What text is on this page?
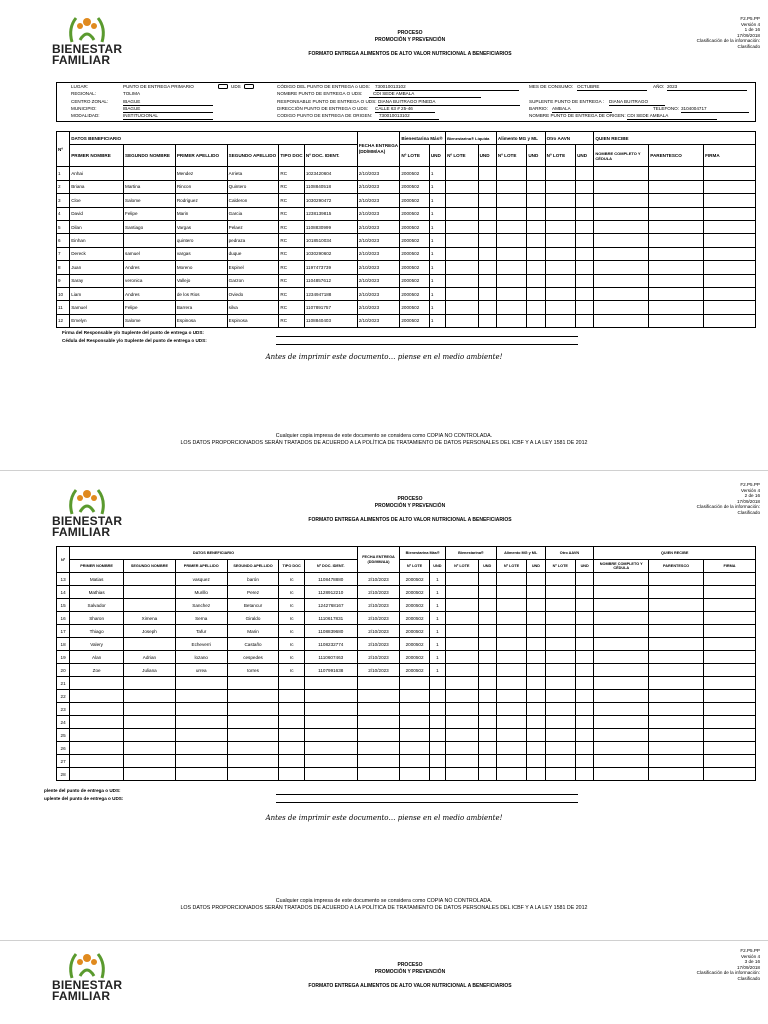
BIENESTAR
FAMILIAR
PROCESO
PROMOCIÓN Y PREVENCIÓN
FORMATO ENTREGA ALIMENTOS DE ALTO VALOR NUTRICIONAL A BENEFICIARIOS
F2.P5.PP
Versión 4
1 de 16
17/09/2018
Clasificación de la información:
Clasificado
LUGAR:	PUNTO DE ENTREGA PRIMARIO	UDS
REGIONAL:	TOLIMA
CENTRO ZONAL:	IBAGUE
MUNICIPIO:	IBAGUE
MODALIDAD:	INSTITUCIONAL
CÓDIGO DEL PUNTO DE ENTREGA o UDS: 730010013102
NOMBRE PUNTO DE ENTREGA O UDS:	CDI SEDE AMBALA
RESPONSABLE PUNTO DE ENTREGA O UDS: DIANA BUITRAGO PINEDA
DIRECCIÓN PUNTO DE ENTREGA O UDS: CALLE 63 # 25-46
CODIGO PUNTO DE ENTREGA DE ORIGEN: 730010013102
MES DE CONSUMO: OCTUBRE	AÑO: 2023
SUPLENTE PUNTO DE ENTREGA : DIANA BUITRAGO
BARRIO: AMBALA	TELEFONO: 3104004717
NOMBRE PUNTO DE ENTREGA DE ORIGEN: CDI SEDE AMBALA
Nº	DATOS BENEFICIARIO						FECHA ENTREGA (DD/MM/AA)	Bienestarina Más®		Bienestarina® Líquida		Alimento MG y ML		Otro AAVN		QUIEN RECIBE		
	PRIMER NOMBRE	SEGUNDO NOMBRE	PRIMER APELLIDO	SEGUNDO APELLIDO	TIPO DOC	Nº DOC. IDENT.		Nº LOTE	UND	Nº LOTE	UND	Nº LOTE	UND	Nº LOTE	UND	NOMBRE COMPLETO Y CÉDULA	PARENTESCO	FIRMA
1	Anhai		Mendez	Arrieta	RC	1023420604	2/10/2023	2000502	1									
2	Briana	Martina	Rincon	Quintero	RC	1108840518	2/10/2023	2000502	1									
3	Cloe	Salome	Rodriguez	Calderon	RC	1030290472	2/10/2023	2000502	1									
4	David	Felipe	Marin	Garcia	RC	1238139815	2/10/2023	2000502	1									
5	Dilan	Santiago	Vargas	Pelaez	RC	1108830999	2/10/2023	2000502	1									
6	Einhan		quintero	pedraza	RC	1018510034	2/10/2023	2000502	1									
7	Dereck	samuel	vargas	duque	RC	1030290602	2/10/2023	2000502	1									
8	Juan	Andres	Moreno	Espinel	RC	1197473739	2/10/2023	2000502	1									
9	Saray	veronica	Vallejo	Garzon	RC	1104857612	2/10/2023	2000502	1									
10	Liam	Andres	de los Rios	Oviedo	RC	1234947188	2/10/2023	2000502	1									
11	Samuel	Felipe	Barrera	silva	RC	1107891757	2/10/2023	2000502	1									
12	Emelyn	Salome	Espinosa	Espinosa	RC	1108840403	2/10/2023	2000502	1									
Firma del Responsable y/o Suplente del punto de entrega o UDS:
Cédula del Responsable y/o Suplente del punto de entrega o UDS:
Antes de imprimir este documento… piense en el medio ambiente!
Cualquier copia impresa de este documento se considera como COPIA NO CONTROLADA.
LOS DATOS PROPORCIONADOS SERÁN TRATADOS DE ACUERDO A LA POLÍTICA DE TRATAMIENTO DE DATOS PERSONALES DEL ICBF Y A LA LEY 1581 DE 2012
BIENESTAR
FAMILIAR
PROCESO
PROMOCIÓN Y PREVENCIÓN
FORMATO ENTREGA ALIMENTOS DE ALTO VALOR NUTRICIONAL A BENEFICIARIOS
F2.P5.PP
Versión 4
2 de 16
17/09/2018
Clasificación de la información:
Clasificado
Nº	DATOS BENEFICIARIO						FECHA ENTREGA (DD/MM/AA)	Bienestarina Más®		Bienestarina®		Alimento MG y ML		Otro AAVN		QUIEN RECIBE		
	PRIMER NOMBRE	SEGUNDO NOMBRE	PRIMER APELLIDO	SEGUNDO APELLIDO	TIPO DOC	Nº DOC. IDENT.		Nº LOTE	UND	Nº LOTE	UND	Nº LOTE	UND	Nº LOTE	UND	NOMBRE COMPLETO Y CÉDULA	PARENTESCO	FIRMA
13	Matias		vasquez	barón	rc	1108478880	2/10/2023	2000502	1									
14	Mathias		Murillo	Perez	rc	1128912210	2/10/2023	2000502	1									
15	Salvador		Sanchez	Betancur	rc	1242768167	2/10/2023	2000502	1									
16	Sharon	Ximena	Serna	Giraldo	rc	1110617831	2/10/2023	2000502	1									
17	Thiago	Joseph	Tafur	Marin	rc	1108839680	2/10/2023	2000502	1									
18	Valery		Echeverri	Castaño	rc	1108232774	2/10/2023	2000502	1									
19	Alan	Adrian	lozano	cespedes	rc	1110607463	2/10/2023	2000502	1									
20	Zoe	Juliana	urrea	torres	rc	1107991638	2/10/2023	2000502	1									
21																		
22																		
23																		
24																		
25																		
26																		
27																		
28																		
plente del punto de entrega o UDS:
uplente del punto de entrega o UDS:
Antes de imprimir este documento… piense en el medio ambiente!
Cualquier copia impresa de este documento se considera como COPIA NO CONTROLADA.
LOS DATOS PROPORCIONADOS SERÁN TRATADOS DE ACUERDO A LA POLÍTICA DE TRATAMIENTO DE DATOS PERSONALES DEL ICBF Y A LA LEY 1581 DE 2012
BIENESTAR
FAMILIAR
PROCESO
PROMOCIÓN Y PREVENCIÓN
FORMATO ENTREGA ALIMENTOS DE ALTO VALOR NUTRICIONAL A BENEFICIARIOS
F2.P5.PP
Versión 4
3 de 16
17/09/2018
Clasificación de la información:
Clasificado
